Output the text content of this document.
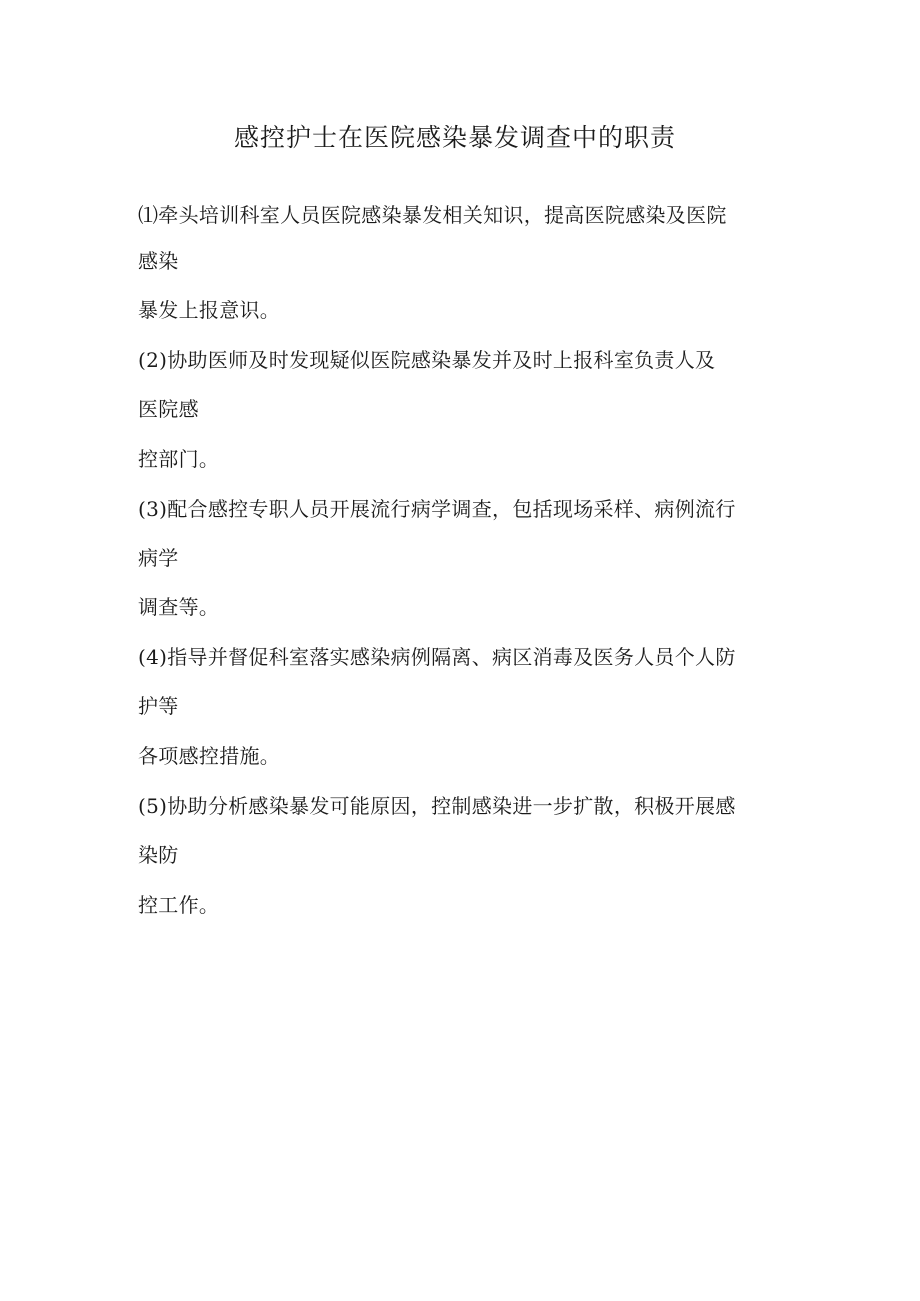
感控护士在医院感染暴发调查中的职责

⑴牵头培训科室人员医院感染暴发相关知识，提高医院感染及医院

感染

暴发上报意识。

(2)协助医师及时发现疑似医院感染暴发并及时上报科室负责人及

医院感

控部门。

(3)配合感控专职人员开展流行病学调查，包括现场采样、病例流行

病学

调查等。

(4)指导并督促科室落实感染病例隔离、病区消毒及医务人员个人防

护等

各项感控措施。

(5)协助分析感染暴发可能原因，控制感染进一步扩散，积极开展感

染防

控工作。
